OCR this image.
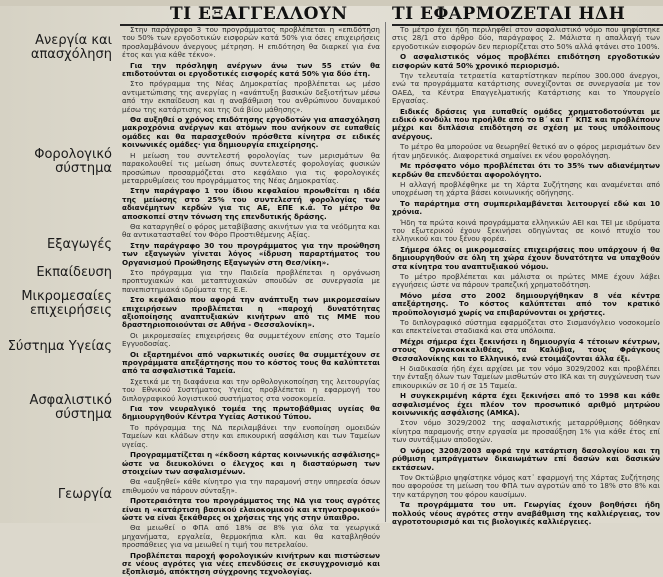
ΤΙ ΕΞΑΓΓΕΛΛΟΥΝ	ΤΙ ΕΦΑΡΜΟΖΕΤΑΙ ΗΔΗ
Ανεργία και απασχόληση
Φορολογικό σύστημα
Εξαγωγές
Εκπαίδευση
Μικρομεσαίες επιχειρήσεις
Σύστημα Υγείας
Ασφαλιστικό σύστημα
Γεωργία

Στην παράγραφο 3 του προγράμματος προβλέπεται η «επιδότηση του 50% των εργοδοτικών εισφορών κατά 50% για όσες επιχειρήσεις προσλαμβάνουν άνεργους μέτρηση. Η επιδότηση θα διαρκεί για ένα έτος και για κάθε τέκνο».

Για την πρόσληψη ανέργων άνω των 55 ετών θα επιδοτούνται οι εργοδοτικές εισφορές κατά 50% για δύο έτη.

Στο πρόγραμμα της Νέας Δημοκρατίας προβλέπεται ως μέσο αντιμετώπισης της ανεργίας η «ανάπτυξη βασικών δεξιοτήτων μέσω από την εκπαίδευση και η αναβάθμιση του ανθρώπινου δυναμικού μέσω της κατάρτισης και της διά βίου μάθησης».

Θα αυξηθεί ο χρόνος επιδότησης εργοδοτών για απασχόληση μακροχρόνια ανέργων και ατόμων που ανήκουν σε ευπαθείς ομάδες και θα παρασχεθούν πρόσθετα κίνητρα σε ειδικές κοινωνικές ομάδες· για δημιουργία επιχείρησης.

Η μείωση του συντελεστή φορολογίας των μερισμάτων θα παρακολουθεί τις μείωση όπως συντελεστές φορολογίας φυσικών προσώπων προσαρμόζεται στο κεφάλαιο για τις φορολογικές μεταρρυθμίσεις του προγράμματος της Νέας Δημοκρατίας.

Στην παράγραφο 1 του ίδιου κεφαλαίου προωθείται η ιδέα της μείωσης στο 25% του συντελεστή φορολογίας των αδιανέμητων κερδών για τις ΑΕ, ΕΠΕ κ.ά. Το μέτρο θα αποσκοπεί στην τόνωση της επενδυτικής δράσης.

Θα καταργηθεί ο φόρος μεταβίβασης ακινήτων για τα νεόδμητα και θα αντικατασταθεί τον Φόρο Προστιθέμενης Αξίας.

Στην παράγραφο 30 του προγράμματος για την προώθηση των εξαγωγών γίνεται λόγος «ίδρυση παραρτήματος του Οργανισμού Προώθησης Εξαγωγών στη Θεσ/νίκη».

Στο πρόγραμμα για την Παιδεία προβλέπεται η οργάνωση προπτυχιακών και μεταπτυχιακών σπουδών σε συνεργασία με πανεπιστημιακά ιδρύματα της Ε.Ε.

Στο κεφάλαιο που αφορά την ανάπτυξη των μικρομεσαίων επιχειρήσεων προβλέπεται η «παροχή δυνατότητας αξιοποίησης αναπτυξιακών κινήτρων από τις ΜΜΕ που δραστηριοποιούνται σε Αθήνα - Θεσσαλονίκη».

Οι μικρομεσαίες επιχειρήσεις θα συμμετέχουν επίσης στο Ταμείο Εγγυοδοσίας.

Οι εξαρτημένοι από ναρκωτικές ουσίες θα συμμετέχουν σε προγράμματα απεξάρτησης που το κόστος τους θα καλύπτεται από τα ασφαλιστικά Ταμεία.

Σχετικά με τη διαφάνεια και την ορθολογικοποίηση της λειτουργίας του Εθνικού Συστήματος Υγείας προβλέπεται η εφαρμογή του διπλογραφικού λογιστικού συστήματος στα νοσοκομεία.

Για τον νευραλγικό τομέα της πρωτοβάθμιας υγείας θα δημιουργηθούν Κέντρα Υγείας Αστικού Τύπου.

Το πρόγραμμα της ΝΔ περιλαμβάνει την ενοποίηση ομοειδών Ταμείων και κλάδων στην και επικουρική ασφάλιση και των Ταμείων υγείας.

Προγραμματίζεται η «έκδοση κάρτας κοινωνικής ασφάλισης» ώστε να διευκολύνει ο έλεγχος και η διασταύρωση των στοιχείων των ασφαλισμένων.

Θα «αυξηθεί» κάθε κίνητρο για την παραμονή στην υπηρεσία όσων επιθυμούν να πάρουν σύνταξη».

Προτεραιότητα του προγράμματος της ΝΔ για τους αγρότες είναι η «κατάρτιση βασικού ελαιοκομικού και κτηνοτροφικού» ώστε να είναι ξεκάθαρες οι χρήσεις της γης στην ύπαιθρο.

Θα μειωθεί ο ΦΠΑ από 18% σε 8% για όλα τα γεωργικά μηχανήματα, εργαλεία, θερμοκήπια κλπ. και θα καταβληθούν προσπάθειες για να μειωθεί η τιμή του πετρελαίου.

Προβλέπεται παροχή φορολογικών κινήτρων και πιστώσεων σε νέους αγρότες για νέες επενδύσεις σε εκσυγχρονισμό και εξοπλισμό, απόκτηση σύγχρονης τεχνολογίας.

Το μέτρο έχει ήδη περιληφθεί στον ασφαλιστικό νόμο που ψηφίστηκε στις 28/1 στο άρθρο δύο, παράγραφος 2. Μάλιστα η απαλλαγή των εργοδοτικών εισφορών δεν περιορίζεται στο 50% αλλά φτάνει στο 100%.

Ο ασφαλιστικός νόμος προβλέπει επιδότηση εργοδοτικών εισφορών κατά 50% χρονικό περιορισμό.

Την τελευταία τετραετία καταρτίστηκαν περίπου 300.000 άνεργοι, ενώ τα προγράμματα κατάρτισης συνεχίζονται σε συνεργασία με τον ΟΑΕΔ, τα Κέντρα Επαγγελματικής Κατάρτισης και το Υπουργείο Εργασίας.

Ειδικές δράσεις για ευπαθείς ομάδες χρηματοδοτούνται με ειδικό κονδύλι που προήλθε από το Β΄ και Γ΄ ΚΠΣ και προβλέπουν μέχρι και διπλάσια επιδότηση σε σχέση με τους υπόλοιπους ανέργους.

Το μέτρο θα μπορούσε να θεωρηθεί θετικό αν ο φόρος μερισμάτων δεν ήταν μηδενικός. Διαφορετικά σημαίνει εκ νέου φορολόγηση.

Με πρόσφατο νόμο προβλέπεται ότι το 35% των αδιανέμητων κερδών θα επενδύεται αφορολόγητο.

Η αλλαγή προβλέφθηκε με τη Χάρτα Συζήτησης και αναμένεται από υποχρέωση τη χάρτα βάσει κοινωνικής οδήγησης.

Το παράρτημα στη συμπεριλαμβάνεται λειτουργεί εδώ και 10 χρόνια.

Ήδη τα πρώτα κοινά προγράμματα ελληνικών ΑΕΙ και ΤΕΙ με ιδρύματα του εξωτερικού έχουν ξεκινήσει οδηγώντας σε κοινό πτυχίο του ελληνικού και του ξένου φορέα.

Σήμερα όλες οι μικρομεσαίες επιχειρήσεις που υπάρχουν ή θα δημιουργηθούν σε όλη τη χώρα έχουν δυνατότητα να υπαχθούν στα κίνητρα του αναπτυξιακού νόμου.

Το μέτρο προβλέπεται και μάλιστα οι πρώτες ΜΜΕ έχουν λάβει εγγυήσεις ώστε να πάρουν τραπεζική χρηματοδότηση.

Μόνο μέσα στο 2002 δημιουργήθηκαν 8 νέα κέντρα απεξάρτησης. Το κόστος καλύπτεται από τον κρατικό προϋπολογισμό χωρίς να επιβαρύνονται οι χρήστες.

Το διπλογραφικό σύστημα εφαρμόζεται στο Σισμανόγλειο νοσοκομείο και επεκτείνεται σταδιακά και στα υπόλοιπα.

Μέχρι σήμερα έχει ξεκινήσει η δημιουργία 4 τέτοιων κέντρων, στους Ορνακοκκαλιθέας, τα Καλύβια, τους Φράγκους Θεσσαλονίκης και το Ελληνικό, ενώ ετοιμάζονται άλλα έξι.

Η διαδικασία ήδη έχει αρχίσει με τον νόμο 3029/2002 και προβλέπει την ένταξη όλων των Ταμείων μισθωτών στο ΙΚΑ και τη συγχώνευση των επικουρικών σε 10 ή σε 15 Ταμεία.

Η συγκεκριμένη κάρτα έχει ξεκινήσει από το 1998 και κάθε ασφαλισμένος έχει πλέον τον προσωπικό αριθμό μητρώου κοινωνικής ασφάλισης (ΑΜΚΑ).

Στον νόμο 3029/2002 της ασφαλιστικής μεταρρύθμισης δόθηκαν κίνητρα παραμονής στην εργασία με προσαύξηση 1% για κάθε έτος επί των συντάξιμων αποδοχών.

Ο νόμος 3208/2003 αφορά την κατάρτιση δασολογίου και τη ρύθμιση εμπράγματων δικαιωμάτων επί δασών και δασικών εκτάσεων.

Τον Οκτώβριο ψηφίστηκε νόμος κατ᾽ εφαρμογή της Χάρτας Συζήτησης που αφορούσε τη μείωση του ΦΠΑ των αγροτών από το 18% στο 8% και την κατάργηση του φόρου καυσίμων.

Τα προγράμματα του υπ. Γεωργίας έχουν βοηθήσει ήδη πολλούς νέους αγρότες στην αναβάθμιση της καλλιέργειας, τον αγροτοτουρισμό και τις βιολογικές καλλιέργειες.
